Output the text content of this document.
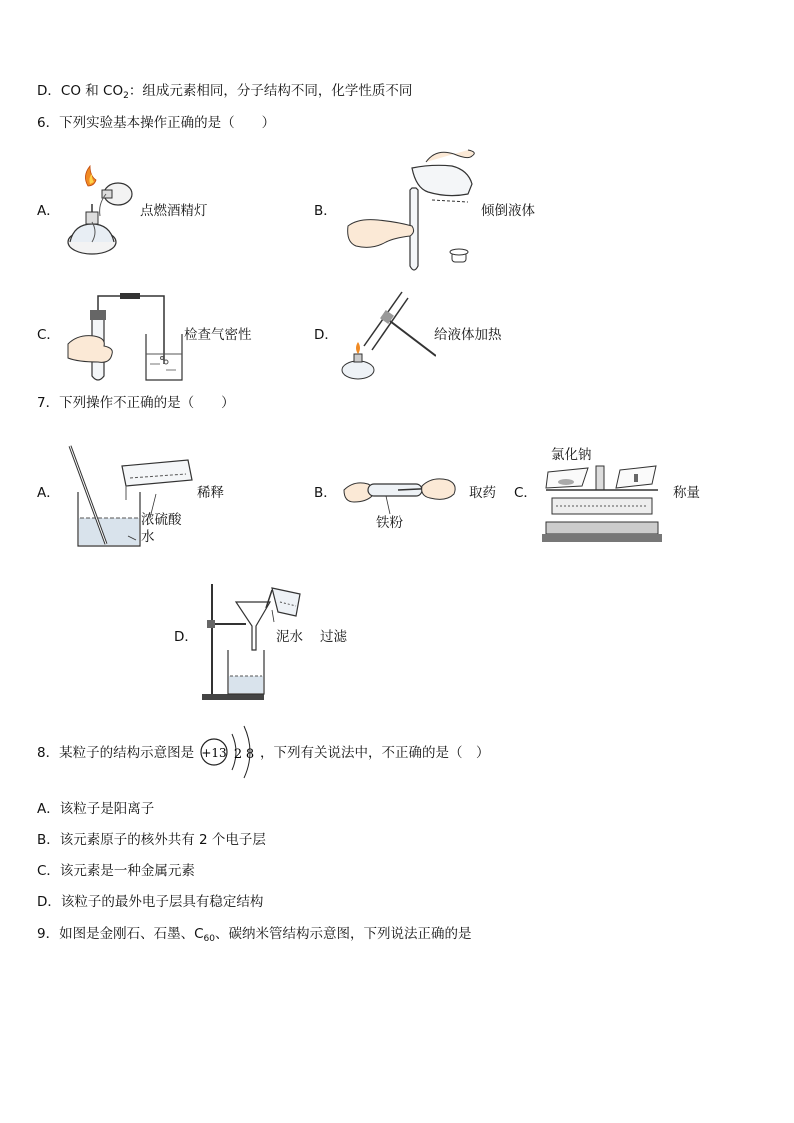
D．CO 和 $CO_2$：组成元素相同，分子结构不同，化学性质不同
6．下列实验基本操作正确的是（　　）
A．	点燃酒精灯	B．	倾倒液体
C．	检查气密性	D．	给液体加热
7．下列操作不正确的是（　　）
A．	稀释
浓硫酸
水
B．	取药
铁粉
C．
氯化钠
称量
D．	泥水 过滤
8．某粒子的结构示意图是 +13 2 8 ，下列有关说法中，不正确的是（　）
A．该粒子是阳离子
B．该元素原子的核外共有 2 个电子层
C．该元素是一种金属元素
D．该粒子的最外电子层具有稳定结构
9．如图是金刚石、石墨、$C_{60}$、碳纳米管结构示意图，下列说法正确的是
